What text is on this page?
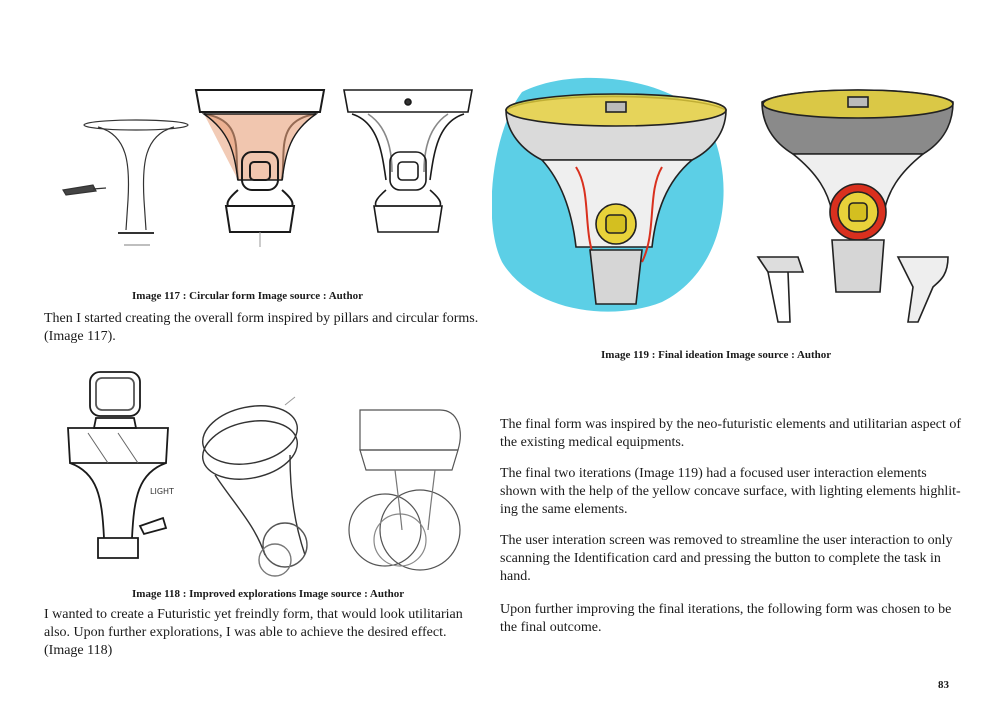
Image 117 : Circular form Image source : Author

Then I started creating the overall form inspired by pillars and circular forms. (Image 117).

LIGHT
Image 118 : Improved explorations Image source : Author

I wanted to create a Futuristic yet freindly form, that would look utilitarian also. Upon further explorations, I was able to achieve the desired effect. (Image 118)

Image 119 : Final ideation Image source : Author

The final form was inspired by the neo-futuristic elements and utilitarian aspect of the existing medical equipments.

The final two iterations (Image 119) had a focused user interaction elements shown with the help of the yellow concave surface, with lighting elements highlit-ing the same elements.

The user interation screen was removed to streamline the user interaction to only scanning the Identification card and pressing the button to complete the task in hand.

Upon further improving the final iterations, the following form was chosen to be the final outcome.

83
